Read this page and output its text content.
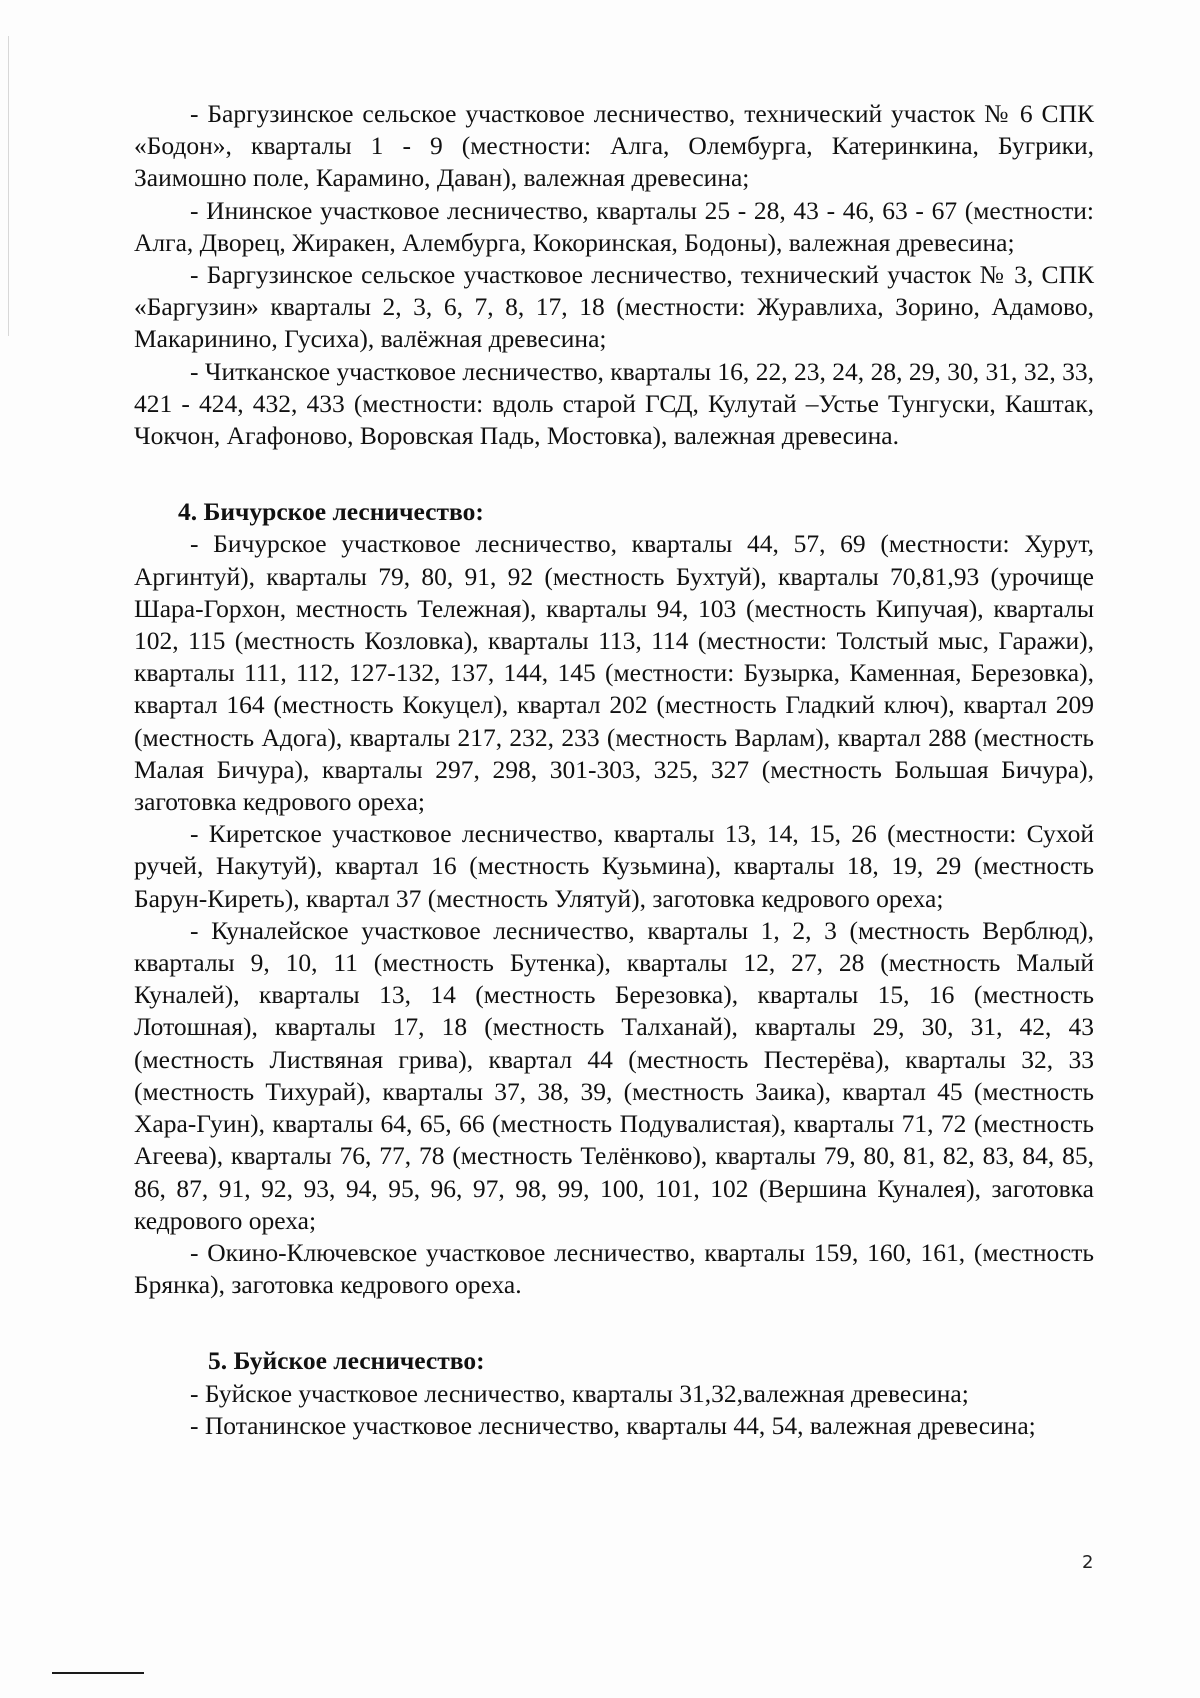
- Баргузинское сельское участковое лесничество, технический участок № 6 СПК «Бодон», кварталы 1 - 9 (местности: Алга, Олембурга, Катеринкина, Бугрики, Заимошно поле, Карамино, Даван), валежная древесина;

- Ининское участковое лесничество, кварталы 25 - 28, 43 - 46, 63 - 67 (местности: Алга, Дворец, Жиракен, Алембурга, Кокоринская, Бодоны), валежная древесина;

- Баргузинское сельское участковое лесничество, технический участок № 3, СПК «Баргузин» кварталы 2, 3, 6, 7, 8, 17, 18 (местности: Журавлиха, Зорино, Адамово, Макаринино, Гусиха), валёжная древесина;

- Читканское участковое лесничество, кварталы 16, 22, 23, 24, 28, 29, 30, 31, 32, 33, 421 - 424, 432, 433 (местности: вдоль старой ГСД, Кулутай –Устье Тунгуски, Каштак, Чокчон, Агафоново, Воровская Падь, Мостовка), валежная древесина.

4. Бичурское лесничество:

- Бичурское участковое лесничество, кварталы 44, 57, 69 (местности: Хурут, Аргинтуй), кварталы 79, 80, 91, 92 (местность Бухтуй), кварталы 70,81,93 (урочище Шара-Горхон, местность Тележная), кварталы 94, 103 (местность Кипучая), кварталы 102, 115 (местность Козловка), кварталы 113, 114 (местности: Толстый мыс, Гаражи), кварталы 111, 112, 127-132, 137, 144, 145 (местности: Бузырка, Каменная, Березовка), квартал 164 (местность Кокуцел), квартал 202 (местность Гладкий ключ), квартал 209 (местность Адога), кварталы 217, 232, 233 (местность Варлам), квартал 288 (местность Малая Бичура), кварталы 297, 298, 301-303, 325, 327 (местность Большая Бичура), заготовка кедрового ореха;

- Киретское участковое лесничество, кварталы 13, 14, 15, 26 (местности: Сухой ручей, Накутуй), квартал 16 (местность Кузьмина), кварталы 18, 19, 29 (местность Барун-Киреть), квартал 37 (местность Улятуй), заготовка кедрового ореха;

- Куналейское участковое лесничество, кварталы 1, 2, 3 (местность Верблюд), кварталы 9, 10, 11 (местность Бутенка), кварталы 12, 27, 28 (местность Малый Куналей), кварталы 13, 14 (местность Березовка), кварталы 15, 16 (местность Лотошная), кварталы 17, 18 (местность Талханай), кварталы 29, 30, 31, 42, 43 (местность Листвяная грива), квартал 44 (местность Пестерёва), кварталы 32, 33 (местность Тихурай), кварталы 37, 38, 39, (местность Заика), квартал 45 (местность Хара-Гуин), кварталы 64, 65, 66 (местность Подувалистая), кварталы 71, 72 (местность Агеева), кварталы 76, 77, 78 (местность Телёнково), кварталы 79, 80, 81, 82, 83, 84, 85, 86, 87, 91, 92, 93, 94, 95, 96, 97, 98, 99, 100, 101, 102 (Вершина Куналея), заготовка кедрового ореха;

- Окино-Ключевское участковое лесничество, кварталы 159, 160, 161, (местность Брянка), заготовка кедрового ореха.

5. Буйское лесничество:

- Буйское участковое лесничество, кварталы 31,32,валежная древесина;

- Потанинское участковое лесничество, кварталы 44, 54, валежная древесина;

2
